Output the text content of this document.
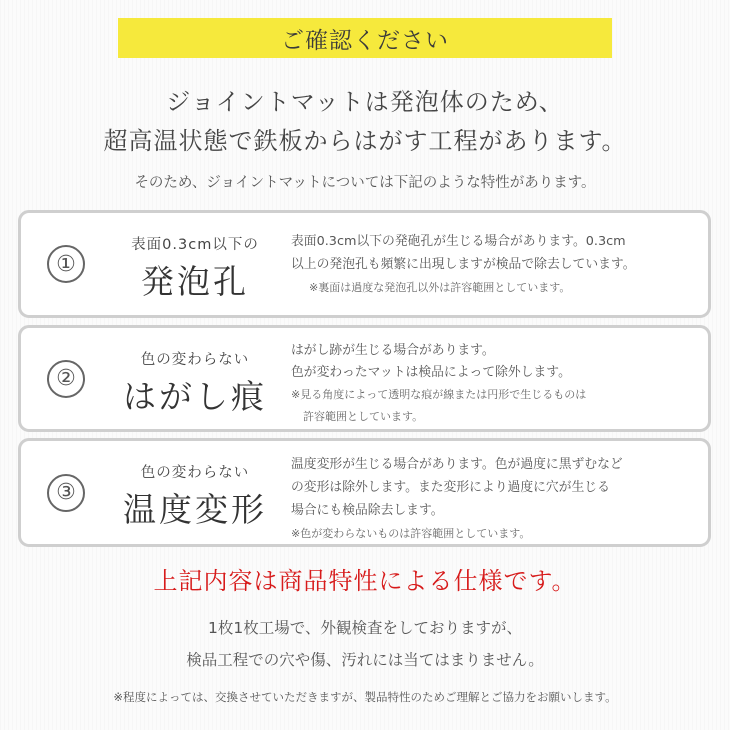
ご確認ください
ジョイントマットは発泡体のため、
超高温状態で鉄板からはがす工程があります。
そのため、ジョイントマットについては下記のような特性があります。
①
表面0.3cm以下の
発泡孔
表面0.3cm以下の発砲孔が生じる場合があります。0.3cm
以上の発泡孔も頻繁に出現しますが検品で除去しています。
※裏面は過度な発泡孔以外は許容範囲としています。
②
色の変わらない
はがし痕
はがし跡が生じる場合があります。
色が変わったマットは検品によって除外します。
※見る角度によって透明な痕が線または円形で生じるものは
許容範囲としています。
③
色の変わらない
温度変形
温度変形が生じる場合があります。色が過度に黒ずむなど
の変形は除外します。また変形により過度に穴が生じる
場合にも検品除去します。
※色が変わらないものは許容範囲としています。
上記内容は商品特性による仕様です。
1枚1枚工場で、外観検査をしておりますが、
検品工程での穴や傷、汚れには当てはまりません。
※程度によっては、交換させていただきますが、製品特性のためご理解とご協力をお願いします。
